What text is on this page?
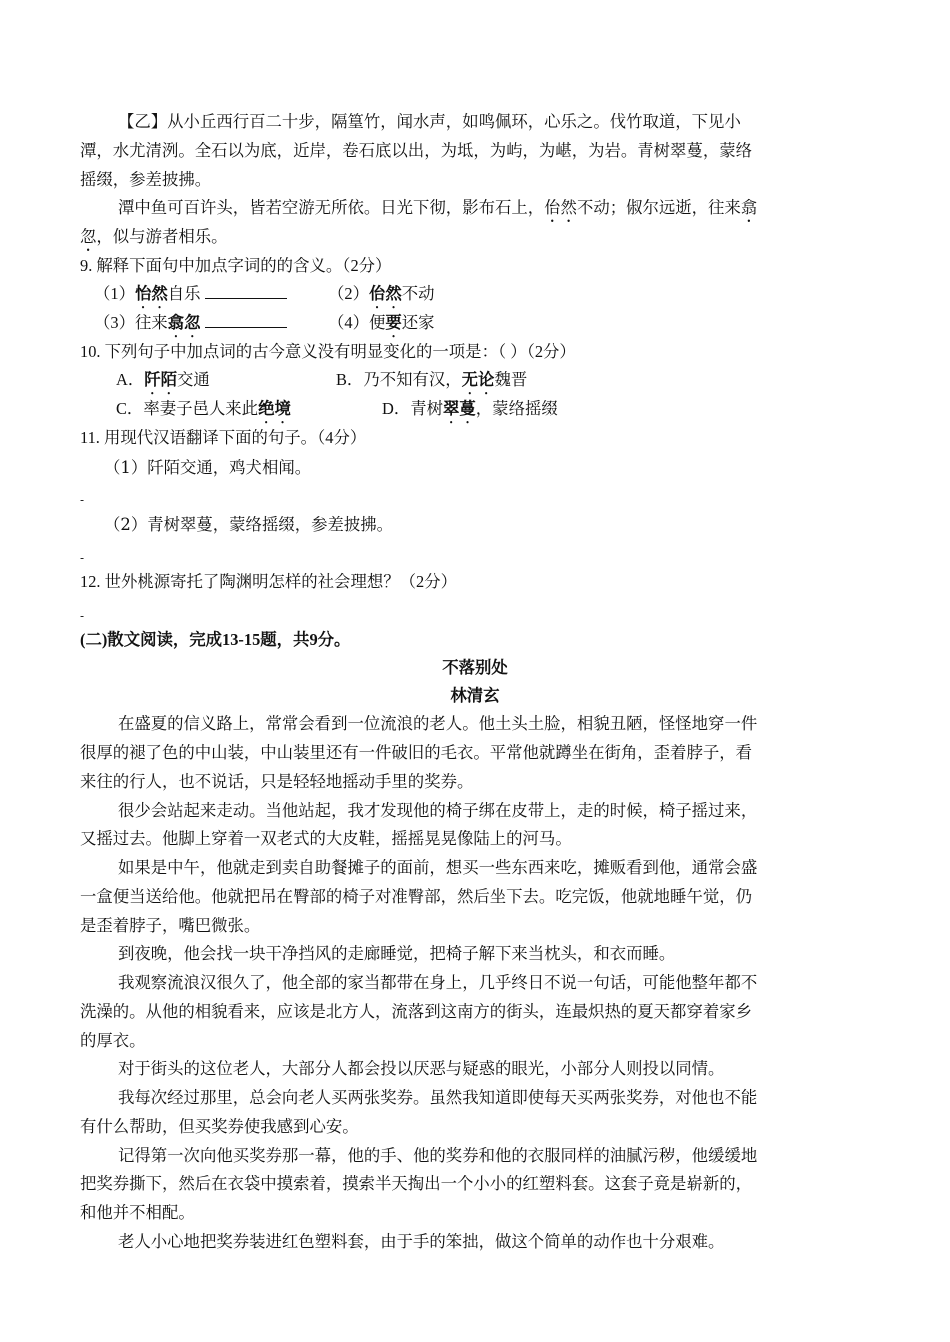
【乙】从小丘西行百二十步，隔篁竹，闻水声，如鸣佩环，心乐之。伐竹取道，下见小
潭，水尤清洌。全石以为底，近岸，卷石底以出，为坻，为屿，为嵁，为岩。青树翠蔓，蒙络
摇缀，参差披拂。
潭中鱼可百许头，皆若空游无所依。日光下彻，影布石上，佁然不动；俶尔远逝，往来翕
忽，似与游者相乐。
9. 解释下面句中加点字词的的含义。（2分）
（1）怡然自乐	（2）佁然不动
（3）往来翕忽	（4）便要还家
10. 下列句子中加点词的古今意义没有明显变化的一项是：（ ）（2分）
A．阡陌交通	B．乃不知有汉，无论魏晋
C．率妻子邑人来此绝境	D．青树翠蔓，蒙络摇缀
11. 用现代汉语翻译下面的句子。（4分）
（1）阡陌交通，鸡犬相闻。
-
（2）青树翠蔓，蒙络摇缀，参差披拂。
-
12. 世外桃源寄托了陶渊明怎样的社会理想？（2分）
-
(二)散文阅读，完成13-15题，共9分。
不落别处
林清玄
在盛夏的信义路上，常常会看到一位流浪的老人。他土头土脸，相貌丑陋，怪怪地穿一件
很厚的褪了色的中山装，中山装里还有一件破旧的毛衣。平常他就蹲坐在街角，歪着脖子，看
来往的行人，也不说话，只是轻轻地摇动手里的奖券。
很少会站起来走动。当他站起，我才发现他的椅子绑在皮带上，走的时候，椅子摇过来，
又摇过去。他脚上穿着一双老式的大皮鞋，摇摇晃晃像陆上的河马。
如果是中午，他就走到卖自助餐摊子的面前，想买一些东西来吃，摊贩看到他，通常会盛
一盒便当送给他。他就把吊在臀部的椅子对准臀部，然后坐下去。吃完饭，他就地睡午觉，仍
是歪着脖子，嘴巴微张。
到夜晚，他会找一块干净挡风的走廊睡觉，把椅子解下来当枕头，和衣而睡。
我观察流浪汉很久了，他全部的家当都带在身上，几乎终日不说一句话，可能他整年都不
洗澡的。从他的相貌看来，应该是北方人，流落到这南方的街头，连最炽热的夏天都穿着家乡
的厚衣。
对于街头的这位老人，大部分人都会投以厌恶与疑惑的眼光，小部分人则投以同情。
我每次经过那里，总会向老人买两张奖券。虽然我知道即使每天买两张奖券，对他也不能
有什么帮助，但买奖券使我感到心安。
记得第一次向他买奖券那一幕，他的手、他的奖券和他的衣服同样的油腻污秽，他缓缓地
把奖券撕下，然后在衣袋中摸索着，摸索半天掏出一个小小的红塑料套。这套子竟是崭新的，
和他并不相配。
老人小心地把奖券装进红色塑料套，由于手的笨拙，做这个简单的动作也十分艰难。
